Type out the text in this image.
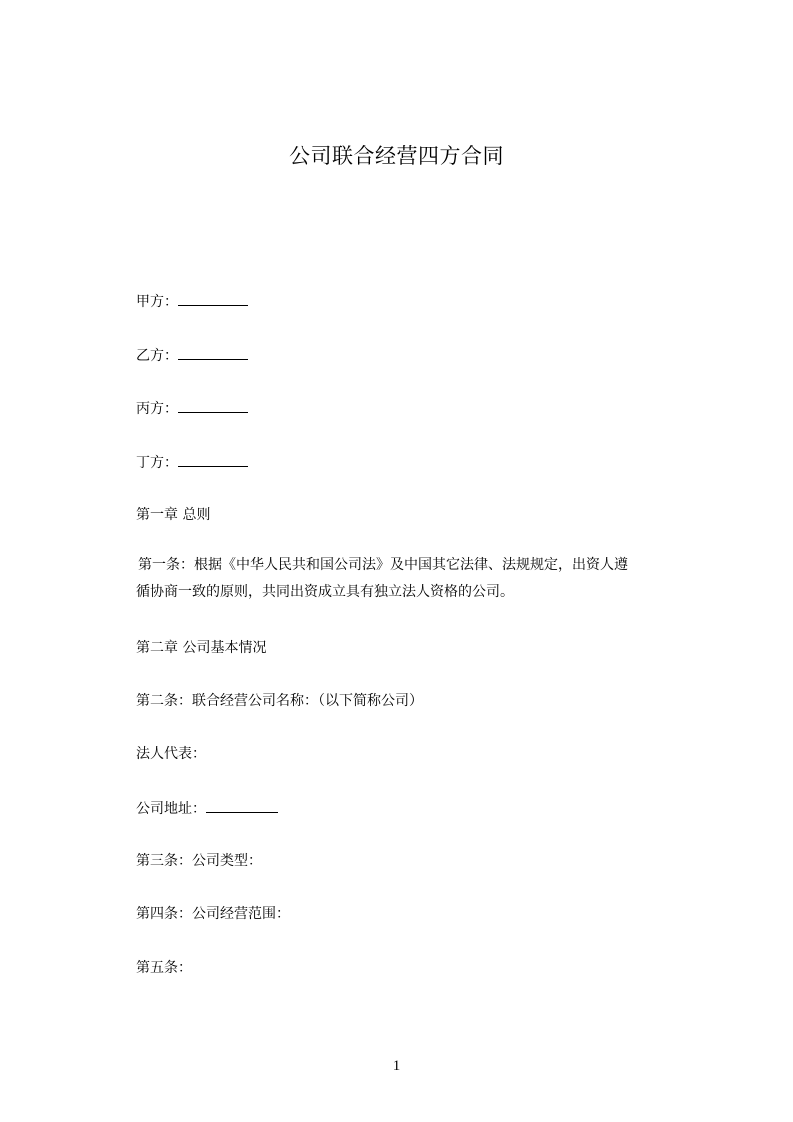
公司联合经营四方合同
甲方：
乙方：
丙方：
丁方：
第一章 总则
第一条：根据《中华人民共和国公司法》及中国其它法律、法规规定，出资人遵
循协商一致的原则，共同出资成立具有独立法人资格的公司。
第二章 公司基本情况
第二条：联合经营公司名称：（以下简称公司）
法人代表：
公司地址：
第三条：公司类型：
第四条：公司经营范围：
第五条：
1
